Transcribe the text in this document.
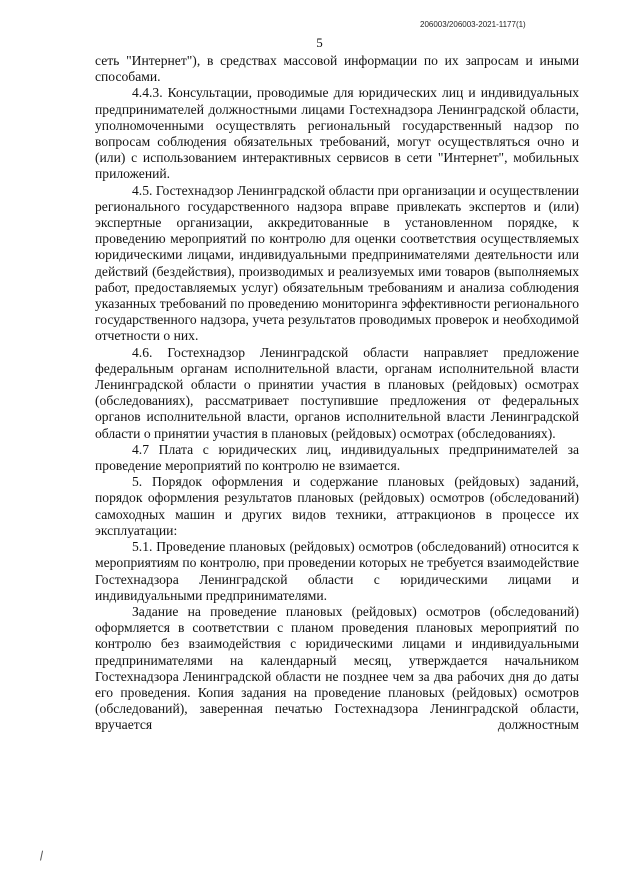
206003/206003-2021-1177(1)
5

сеть "Интернет"), в средствах массовой информации по их запросам и иными способами.

4.4.3. Консультации, проводимые для юридических лиц и индивидуальных предпринимателей должностными лицами Гостехнадзора Ленинградской области, уполномоченными осуществлять региональный государственный надзор по вопросам соблюдения обязательных требований, могут осуществляться очно и (или) с использованием интерактивных сервисов в сети "Интернет", мобильных приложений.

4.5. Гостехнадзор Ленинградской области при организации и осуществлении регионального государственного надзора вправе привлекать экспертов и (или) экспертные организации, аккредитованные в установленном порядке, к проведению мероприятий по контролю для оценки соответствия осуществляемых юридическими лицами, индивидуальными предпринимателями деятельности или действий (бездействия), производимых и реализуемых ими товаров (выполняемых работ, предоставляемых услуг) обязательным требованиям и анализа соблюдения указанных требований по проведению мониторинга эффективности регионального государственного надзора, учета результатов проводимых проверок и необходимой отчетности о них.

4.6. Гостехнадзор Ленинградской области направляет предложение федеральным органам исполнительной власти, органам исполнительной власти Ленинградской области о принятии участия в плановых (рейдовых) осмотрах (обследованиях), рассматривает поступившие предложения от федеральных органов исполнительной власти, органов исполнительной власти Ленинградской области о принятии участия в плановых (рейдовых) осмотрах (обследованиях).

4.7 Плата с юридических лиц, индивидуальных предпринимателей за проведение мероприятий по контролю не взимается.

5. Порядок оформления и содержание плановых (рейдовых) заданий, порядок оформления результатов плановых (рейдовых) осмотров (обследований) самоходных машин и других видов техники, аттракционов в процессе их эксплуатации:

5.1. Проведение плановых (рейдовых) осмотров (обследований) относится к мероприятиям по контролю, при проведении которых не требуется взаимодействие Гостехнадзора Ленинградской области с юридическими лицами и индивидуальными предпринимателями.

Задание на проведение плановых (рейдовых) осмотров (обследований) оформляется в соответствии с планом проведения плановых мероприятий по контролю без взаимодействия с юридическими лицами и индивидуальными предпринимателями на календарный месяц, утверждается начальником Гостехнадзора Ленинградской области не позднее чем за два рабочих дня до даты его проведения. Копия задания на проведение плановых (рейдовых) осмотров (обследований), заверенная печатью Гостехнадзора Ленинградской области, вручается должностным
